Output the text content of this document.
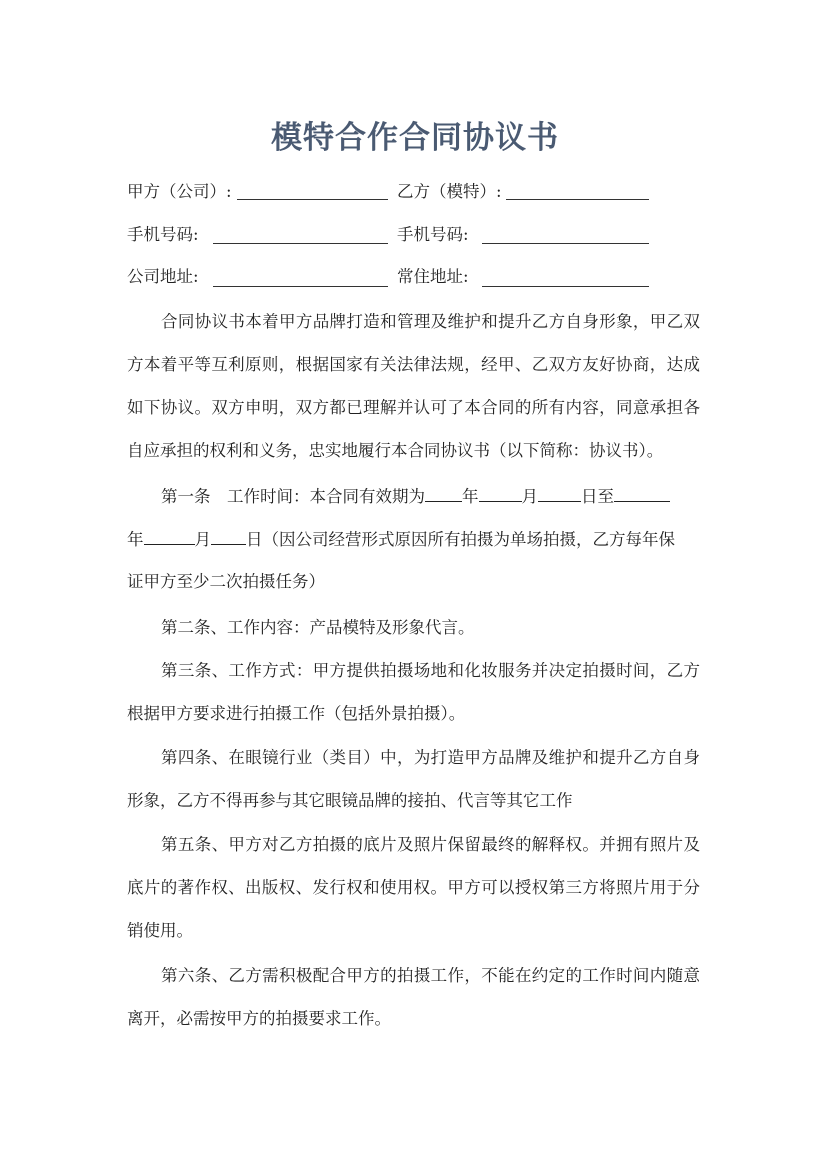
模特合作合同协议书
甲方（公司）:	乙方（模特）:
手机号码:	手机号码:
公司地址:	常住地址:
合同协议书本着甲方品牌打造和管理及维护和提升乙方自身形象，甲乙双
方本着平等互利原则，根据国家有关法律法规，经甲、乙双方友好协商，达成
如下协议。双方申明，双方都已理解并认可了本合同的所有内容，同意承担各
自应承担的权利和义务，忠实地履行本合同协议书（以下简称：协议书）。
第一条　工作时间：本合同有效期为 年	月	日至
年	月 日（因公司经营形式原因所有拍摄为单场拍摄，乙方每年保
证甲方至少二次拍摄任务）
第二条、工作内容：产品模特及形象代言。
第三条、工作方式：甲方提供拍摄场地和化妆服务并决定拍摄时间，乙方
根据甲方要求进行拍摄工作（包括外景拍摄）。
第四条、在眼镜行业（类目）中，为打造甲方品牌及维护和提升乙方自身
形象，乙方不得再参与其它眼镜品牌的接拍、代言等其它工作
第五条、甲方对乙方拍摄的底片及照片保留最终的解释权。并拥有照片及
底片的著作权、出版权、发行权和使用权。甲方可以授权第三方将照片用于分
销使用。
第六条、乙方需积极配合甲方的拍摄工作，不能在约定的工作时间内随意
离开，必需按甲方的拍摄要求工作。
